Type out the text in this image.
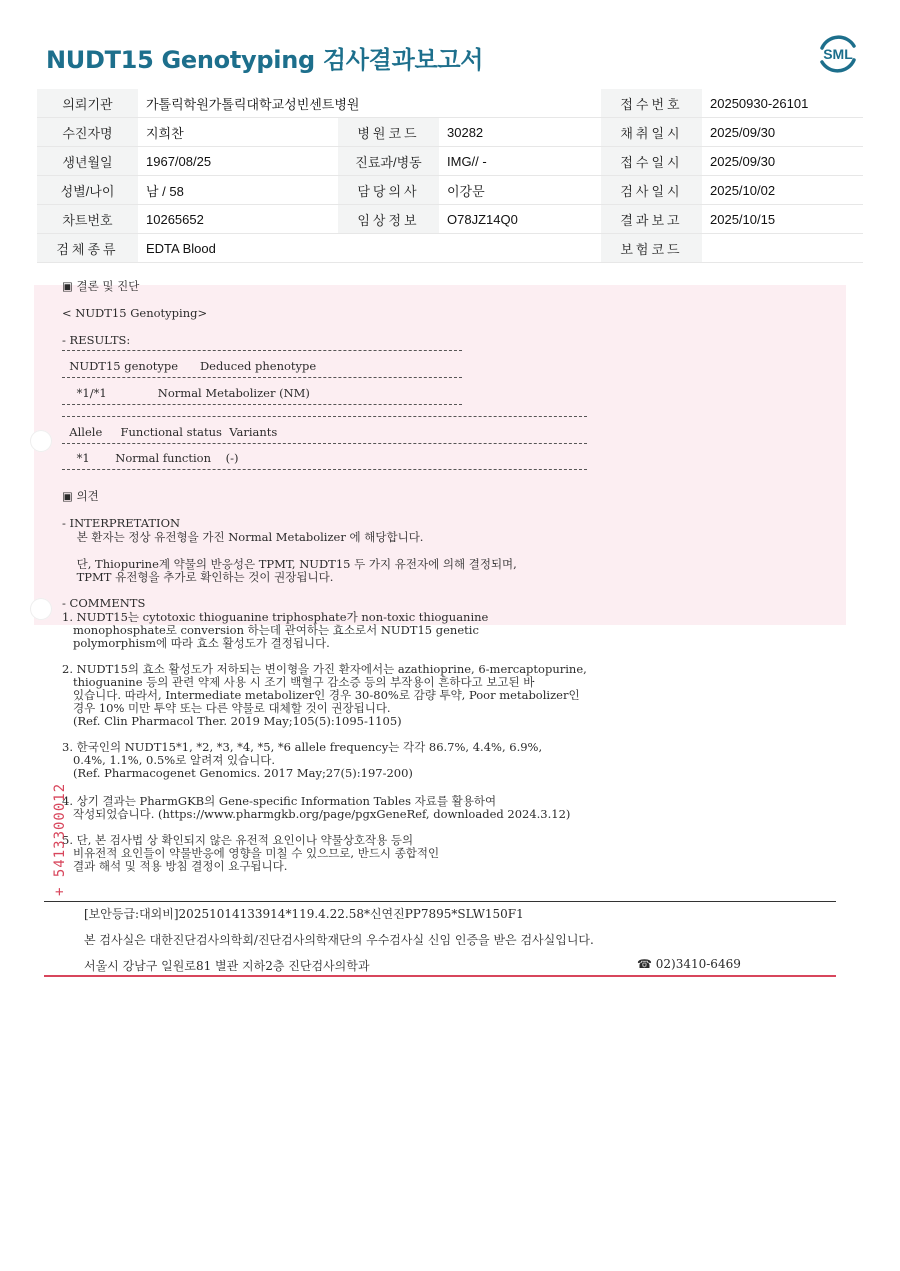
NUDT15 Genotyping 검사결과보고서	SML
의뢰기관	가톨릭학원가톨릭대학교성빈센트병원			접수번호	20250930-26101
수진자명	지희찬	병원코드	30282	채취일시	2025/09/30
생년월일	1967/08/25	진료과/병동	IMG// -	접수일시	2025/09/30
성별/나이	남 / 58	담당의사	이강문	검사일시	2025/10/02
차트번호	10265652	임상정보	O78JZ14Q0	결과보고	2025/10/15
검체종류	EDTA Blood			보험코드	
▣ 결론 및 진단
< NUDT15 Genotyping>
- RESULTS:
NUDT15 genotype      Deduced phenotype
*1/*1              Normal Metabolizer (NM)
Allele     Functional status  Variants
*1       Normal function    (-)
▣ 의견
- INTERPRETATION
본 환자는 정상 유전형을 가진 Normal Metabolizer 에 해당합니다.
단, Thiopurine계 약물의 반응성은 TPMT, NUDT15 두 가지 유전자에 의해 결정되며,
TPMT 유전형을 추가로 확인하는 것이 권장됩니다.
- COMMENTS
1. NUDT15는 cytotoxic thioguanine triphosphate가 non-toxic thioguanine
monophosphate로 conversion 하는데 관여하는 효소로서 NUDT15 genetic
polymorphism에 따라 효소 활성도가 결정됩니다.
2. NUDT15의 효소 활성도가 저하되는 변이형을 가진 환자에서는 azathioprine, 6-mercaptopurine,
thioguanine 등의 관련 약제 사용 시 조기 백혈구 감소증 등의 부작용이 흔하다고 보고된 바
있습니다. 따라서, Intermediate metabolizer인 경우 30-80%로 감량 투약, Poor metabolizer인
경우 10% 미만 투약 또는 다른 약물로 대체할 것이 권장됩니다.
(Ref. Clin Pharmacol Ther. 2019 May;105(5):1095-1105)
3. 한국인의 NUDT15*1, *2, *3, *4, *5, *6 allele frequency는 각각 86.7%, 4.4%, 6.9%,
0.4%, 1.1%, 0.5%로 알려져 있습니다.
(Ref. Pharmacogenet Genomics. 2017 May;27(5):197-200)
4. 상기 결과는 PharmGKB의 Gene-specific Information Tables 자료를 활용하여
작성되었습니다. (https://www.pharmgkb.org/page/pgxGeneRef, downloaded 2024.3.12)
5. 단, 본 검사법 상 확인되지 않은 유전적 요인이나 약물상호작용 등의
비유전적 요인들이 약물반응에 영향을 미칠 수 있으므로, 반드시 종합적인
결과 해석 및 적용 방침 결정이 요구됩니다.
+ 5413300012
[보안등급:대외비]20251014133914*119.4.22.58*신연진PP7895*SLW150F1
본 검사실은 대한진단검사의학회/진단검사의학재단의 우수검사실 신임 인증을 받은 검사실입니다.
서울시 강남구 일원로81 별관 지하2층 진단검사의학과	☎ 02)3410-6469
